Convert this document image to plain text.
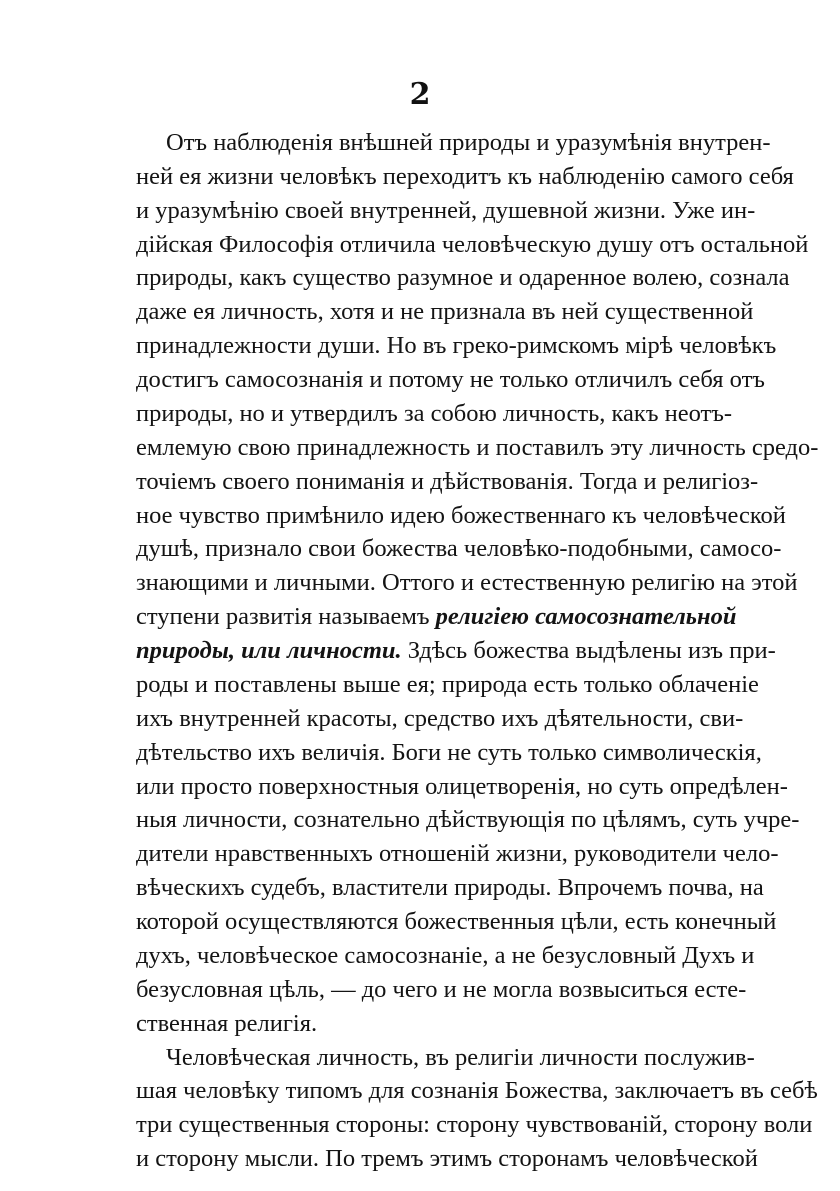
2
Отъ наблюденія внѣшней природы и уразумѣнія внутрен-
ней ея жизни человѣкъ переходитъ къ наблюденію самого себя
и уразумѣнію своей внутренней, душевной жизни. Уже ин-
дійская Философія отличила человѣческую душу отъ остальной
природы, какъ существо разумное и одаренное волею, сознала
даже ея личность, хотя и не признала въ ней существенной
принадлежности души. Но въ греко-римскомъ мірѣ человѣкъ
достигъ самосознанія и потому не только отличилъ себя отъ
природы, но и утвердилъ за собою личность, какъ неотъ-
емлемую свою принадлежность и поставилъ эту личность средо-
точіемъ своего пониманія и дѣйствованія. Тогда и религіоз-
ное чувство примѣнило идею божественнаго къ человѣческой
душѣ, признало свои божества человѣко-подобными, самосо-
знающими и личными. Оттого и естественную религію на этой
ступени развитія называемъ религіею самосознательной
природы, или личности. Здѣсь божества выдѣлены изъ при-
роды и поставлены выше ея; природа есть только облаченіе
ихъ внутренней красоты, средство ихъ дѣятельности, сви-
дѣтельство ихъ величія. Боги не суть только символическія,
или просто поверхностныя олицетворенія, но суть опредѣлен-
ныя личности, сознательно дѣйствующія по цѣлямъ, суть учре-
дители нравственныхъ отношеній жизни, руководители чело-
вѣческихъ судебъ, властители природы. Впрочемъ почва, на
которой осуществляются божественныя цѣли, есть конечный
духъ, человѣческое самосознаніе, а не безусловный Духъ и
безусловная цѣль, — до чего и не могла возвыситься есте-
ственная религія.
Человѣческая личность, въ религіи личности послужив-
шая человѣку типомъ для сознанія Божества, заключаетъ въ себѣ
три существенныя стороны: сторону чувствованій, сторону воли
и сторону мысли. По тремъ этимъ сторонамъ человѣческой
